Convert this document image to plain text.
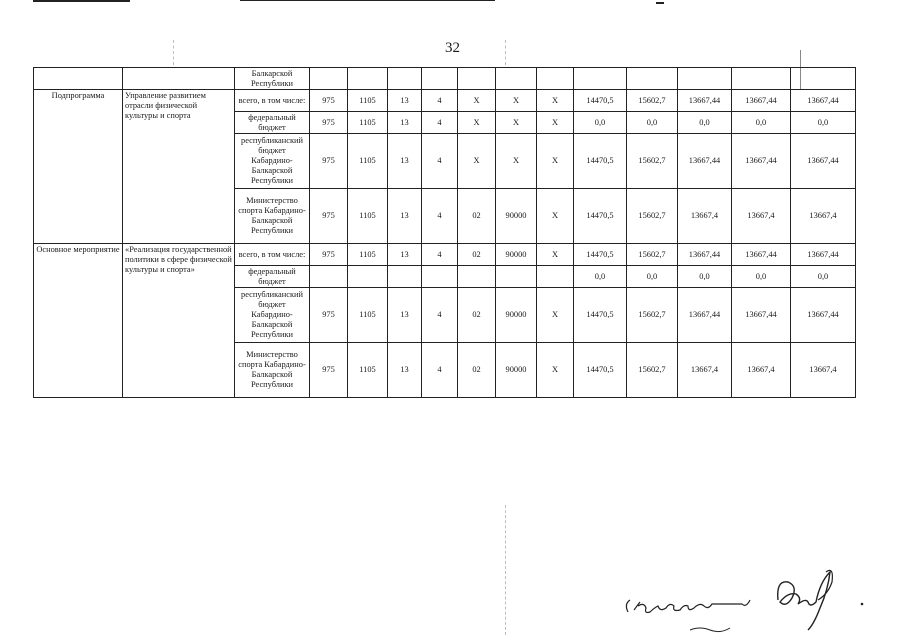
32
		Балкарской Республики												
Подпрограмма	Управление развитием отрасли физической культуры и спорта	всего, в том числе:	975	1105	13	4	Х	Х	Х	14470,5	15602,7	13667,44	13667,44	13667,44
		федеральный бюджет	975	1105	13	4	Х	Х	Х	0,0	0,0	0,0	0,0	0,0
		республиканский бюджет Кабардино-Балкарской Республики	975	1105	13	4	Х	Х	Х	14470,5	15602,7	13667,44	13667,44	13667,44
		Министерство спорта Кабардино-Балкарской Республики	975	1105	13	4	02	90000	Х	14470,5	15602,7	13667,4	13667,4	13667,4
Основное мероприятие	«Реализация государственной политики в сфере физической культуры и спорта»	всего, в том числе:	975	1105	13	4	02	90000	Х	14470,5	15602,7	13667,44	13667,44	13667,44
		федеральный бюджет								0,0	0,0	0,0	0,0	0,0
		республиканский бюджет Кабардино-Балкарской Республики	975	1105	13	4	02	90000	Х	14470,5	15602,7	13667,44	13667,44	13667,44
		Министерство спорта Кабардино-Балкарской Республики	975	1105	13	4	02	90000	Х	14470,5	15602,7	13667,4	13667,4	13667,4
